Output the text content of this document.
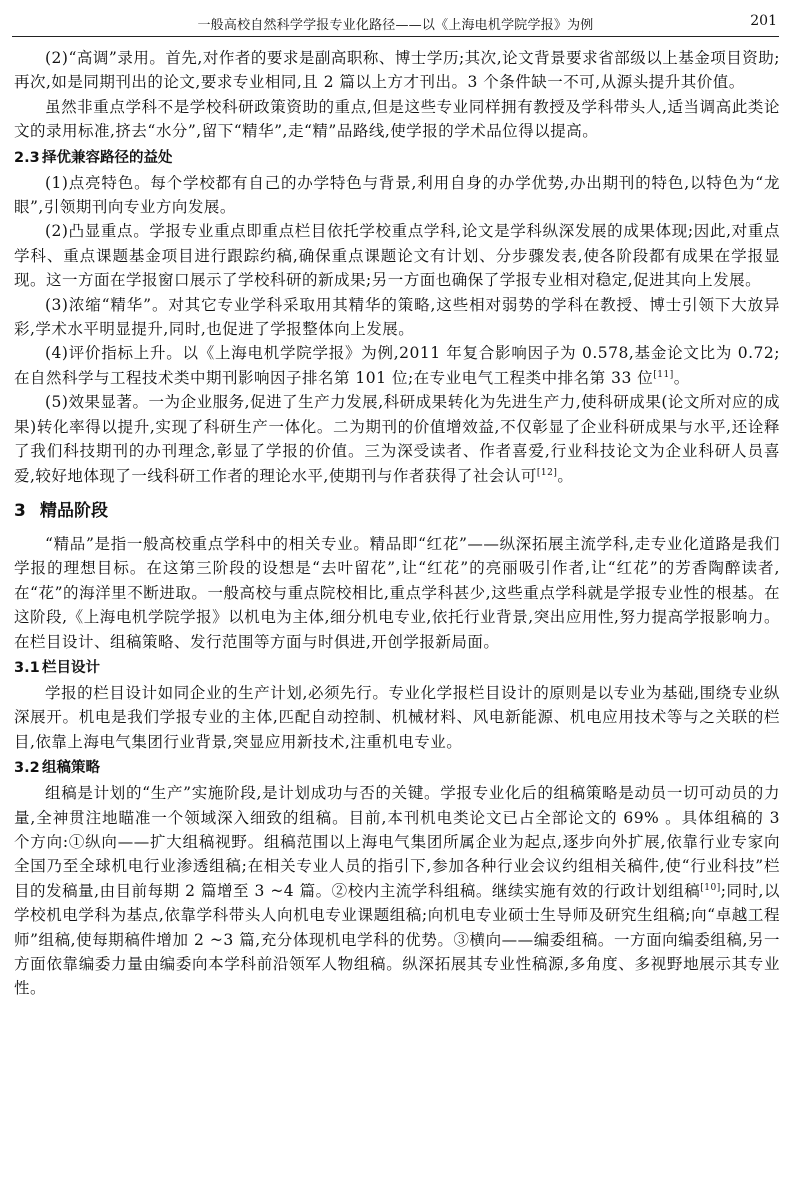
一般高校自然科学学报专业化路径——以《上海电机学院学报》为例	201

(2)“高调”录用。首先,对作者的要求是副高职称、博士学历;其次,论文背景要求省部级以上基金项目资助;再次,如是同期刊出的论文,要求专业相同,且 2 篇以上方才刊出。3 个条件缺一不可,从源头提升其价值。

虽然非重点学科不是学校科研政策资助的重点,但是这些专业同样拥有教授及学科带头人,适当调高此类论文的录用标准,挤去“水分”,留下“精华”,走“精”品路线,使学报的学术品位得以提高。

2.3 择优兼容路径的益处

(1)点亮特色。每个学校都有自己的办学特色与背景,利用自身的办学优势,办出期刊的特色,以特色为“龙眼”,引领期刊向专业方向发展。

(2)凸显重点。学报专业重点即重点栏目依托学校重点学科,论文是学科纵深发展的成果体现;因此,对重点学科、重点课题基金项目进行跟踪约稿,确保重点课题论文有计划、分步骤发表,使各阶段都有成果在学报显现。这一方面在学报窗口展示了学校科研的新成果;另一方面也确保了学报专业相对稳定,促进其向上发展。

(3)浓缩“精华”。对其它专业学科采取用其精华的策略,这些相对弱势的学科在教授、博士引领下大放异彩,学术水平明显提升,同时,也促进了学报整体向上发展。

(4)评价指标上升。以《上海电机学院学报》为例,2011 年复合影响因子为 0.578,基金论文比为 0.72;在自然科学与工程技术类中期刊影响因子排名第 101 位;在专业电气工程类中排名第 33 位[11]。

(5)效果显著。一为企业服务,促进了生产力发展,科研成果转化为先进生产力,使科研成果(论文所对应的成果)转化率得以提升,实现了科研生产一体化。二为期刊的价值增效益,不仅彰显了企业科研成果与水平,还诠释了我们科技期刊的办刊理念,彰显了学报的价值。三为深受读者、作者喜爱,行业科技论文为企业科研人员喜爱,较好地体现了一线科研工作者的理论水平,使期刊与作者获得了社会认可[12]。

3 精品阶段

“精品”是指一般高校重点学科中的相关专业。精品即“红花”——纵深拓展主流学科,走专业化道路是我们学报的理想目标。在这第三阶段的设想是“去叶留花”,让“红花”的亮丽吸引作者,让“红花”的芳香陶醉读者,在“花”的海洋里不断进取。一般高校与重点院校相比,重点学科甚少,这些重点学科就是学报专业性的根基。在这阶段,《上海电机学院学报》以机电为主体,细分机电专业,依托行业背景,突出应用性,努力提高学报影响力。在栏目设计、组稿策略、发行范围等方面与时俱进,开创学报新局面。

3.1 栏目设计

学报的栏目设计如同企业的生产计划,必须先行。专业化学报栏目设计的原则是以专业为基础,围绕专业纵深展开。机电是我们学报专业的主体,匹配自动控制、机械材料、风电新能源、机电应用技术等与之关联的栏目,依靠上海电气集团行业背景,突显应用新技术,注重机电专业。

3.2 组稿策略

组稿是计划的“生产”实施阶段,是计划成功与否的关键。学报专业化后的组稿策略是动员一切可动员的力量,全神贯注地瞄准一个领域深入细致的组稿。目前,本刊机电类论文已占全部论文的 69% 。具体组稿的 3 个方向:①纵向——扩大组稿视野。组稿范围以上海电气集团所属企业为起点,逐步向外扩展,依靠行业专家向全国乃至全球机电行业渗透组稿;在相关专业人员的指引下,参加各种行业会议约组相关稿件,使“行业科技”栏目的发稿量,由目前每期 2 篇增至 3 ~4 篇。②校内主流学科组稿。继续实施有效的行政计划组稿[10];同时,以学校机电学科为基点,依靠学科带头人向机电专业课题组稿;向机电专业硕士生导师及研究生组稿;向“卓越工程师”组稿,使每期稿件增加 2 ~3 篇,充分体现机电学科的优势。③横向——编委组稿。一方面向编委组稿,另一方面依靠编委力量由编委向本学科前沿领军人物组稿。纵深拓展其专业性稿源,多角度、多视野地展示其专业性。
